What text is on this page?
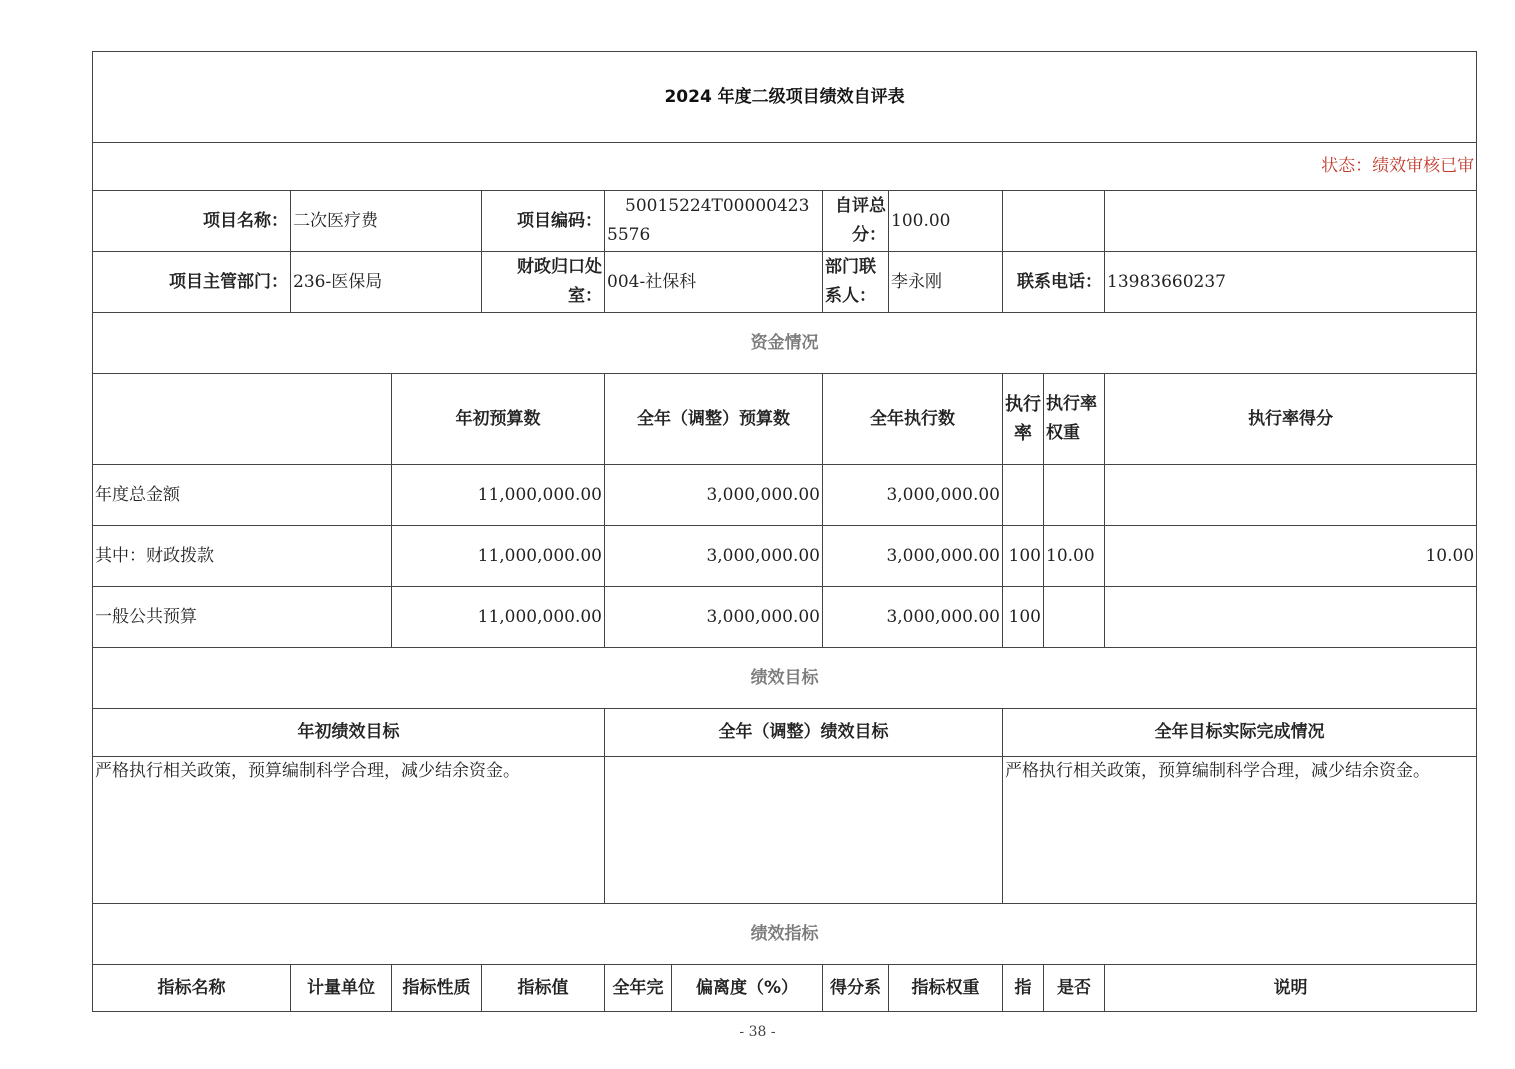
2024 年度二级项目绩效自评表										
状态：绩效审核已审										
项目名称：	二次医疗费		项目编码：	50015224T000004235576		自评总分：	100.00			
项目主管部门：	236-医保局		财政归口处室：	004-社保科		部门联系人：	李永刚	联系电话：		13983660237
资金情况										
		年初预算数		全年（调整）预算数		全年执行数		执行率	执行率权重	执行率得分
年度总金额		11,000,000.00		3,000,000.00		3,000,000.00				
其中：财政拨款		11,000,000.00		3,000,000.00		3,000,000.00		100	10.00	10.00
一般公共预算		11,000,000.00		3,000,000.00		3,000,000.00		100		
绩效目标										
年初绩效目标				全年（调整）绩效目标				全年目标实际完成情况		
严格执行相关政策，预算编制科学合理，减少结余资金。								严格执行相关政策，预算编制科学合理，减少结余资金。		
绩效指标										
指标名称	计量单位	指标性质	指标值	全年完	偏离度（%）	得分系	指标权重	指	是否	说明
- 38 -
